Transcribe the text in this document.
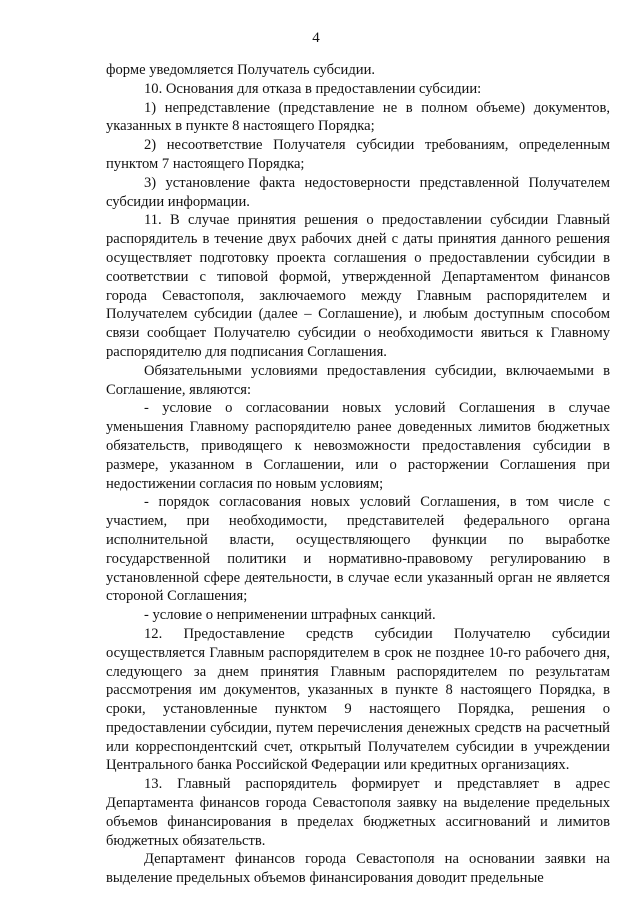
4

форме уведомляется Получатель субсидии.

10. Основания для отказа в предоставлении субсидии:

1) непредставление (представление не в полном объеме) документов, указанных в пункте 8 настоящего Порядка;

2) несоответствие Получателя субсидии требованиям, определенным пунктом 7 настоящего Порядка;

3) установление факта недостоверности представленной Получателем субсидии информации.

11. В случае принятия решения о предоставлении субсидии Главный распорядитель в течение двух рабочих дней с даты принятия данного решения осуществляет подготовку проекта соглашения о предоставлении субсидии в соответствии с типовой формой, утвержденной Департаментом финансов города Севастополя, заключаемого между Главным распорядителем и Получателем субсидии (далее – Соглашение), и любым доступным способом связи сообщает Получателю субсидии о необходимости явиться к Главному распорядителю для подписания Соглашения.

Обязательными условиями предоставления субсидии, включаемыми в Соглашение, являются:

- условие о согласовании новых условий Соглашения в случае уменьшения Главному распорядителю ранее доведенных лимитов бюджетных обязательств, приводящего к невозможности предоставления субсидии в размере, указанном в Соглашении, или о расторжении Соглашения при недостижении согласия по новым условиям;

- порядок согласования новых условий Соглашения, в том числе с участием, при необходимости, представителей федерального органа исполнительной власти, осуществляющего функции по выработке государственной политики и нормативно-правовому регулированию в установленной сфере деятельности, в случае если указанный орган не является стороной Соглашения;

- условие о неприменении штрафных санкций.

12. Предоставление средств субсидии Получателю субсидии осуществляется Главным распорядителем в срок не позднее 10-го рабочего дня, следующего за днем принятия Главным распорядителем по результатам рассмотрения им документов, указанных в пункте 8 настоящего Порядка, в сроки, установленные пунктом 9 настоящего Порядка, решения о предоставлении субсидии, путем перечисления денежных средств на расчетный или корреспондентский счет, открытый Получателем субсидии в учреждении Центрального банка Российской Федерации или кредитных организациях.

13. Главный распорядитель формирует и представляет в адрес Департамента финансов города Севастополя заявку на выделение предельных объемов финансирования в пределах бюджетных ассигнований и лимитов бюджетных обязательств.

Департамент финансов города Севастополя на основании заявки на выделение предельных объемов финансирования доводит предельные
